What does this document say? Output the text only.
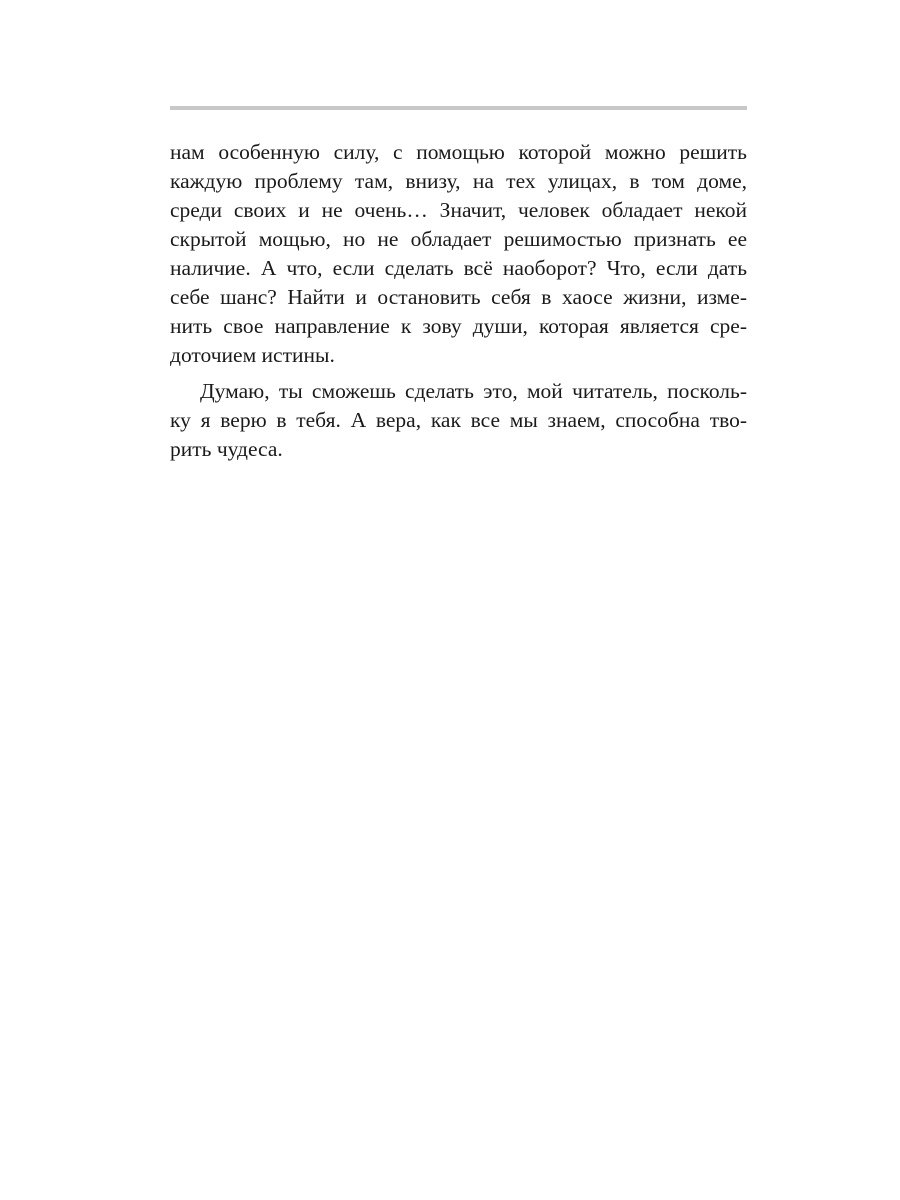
нам особенную силу, с помощью которой можно решить
каждую проблему там, внизу, на тех улицах, в том доме,
среди своих и не очень… Значит, человек обладает некой
скрытой мощью, но не обладает решимостью признать ее
наличие. А что, если сделать всё наоборот? Что, если дать
себе шанс? Найти и остановить себя в хаосе жизни, изме-
нить свое направление к зову души, которая является сре-
доточием истины.
Думаю, ты сможешь сделать это, мой читатель, посколь-
ку я верю в тебя. А вера, как все мы знаем, способна тво-
рить чудеса.
